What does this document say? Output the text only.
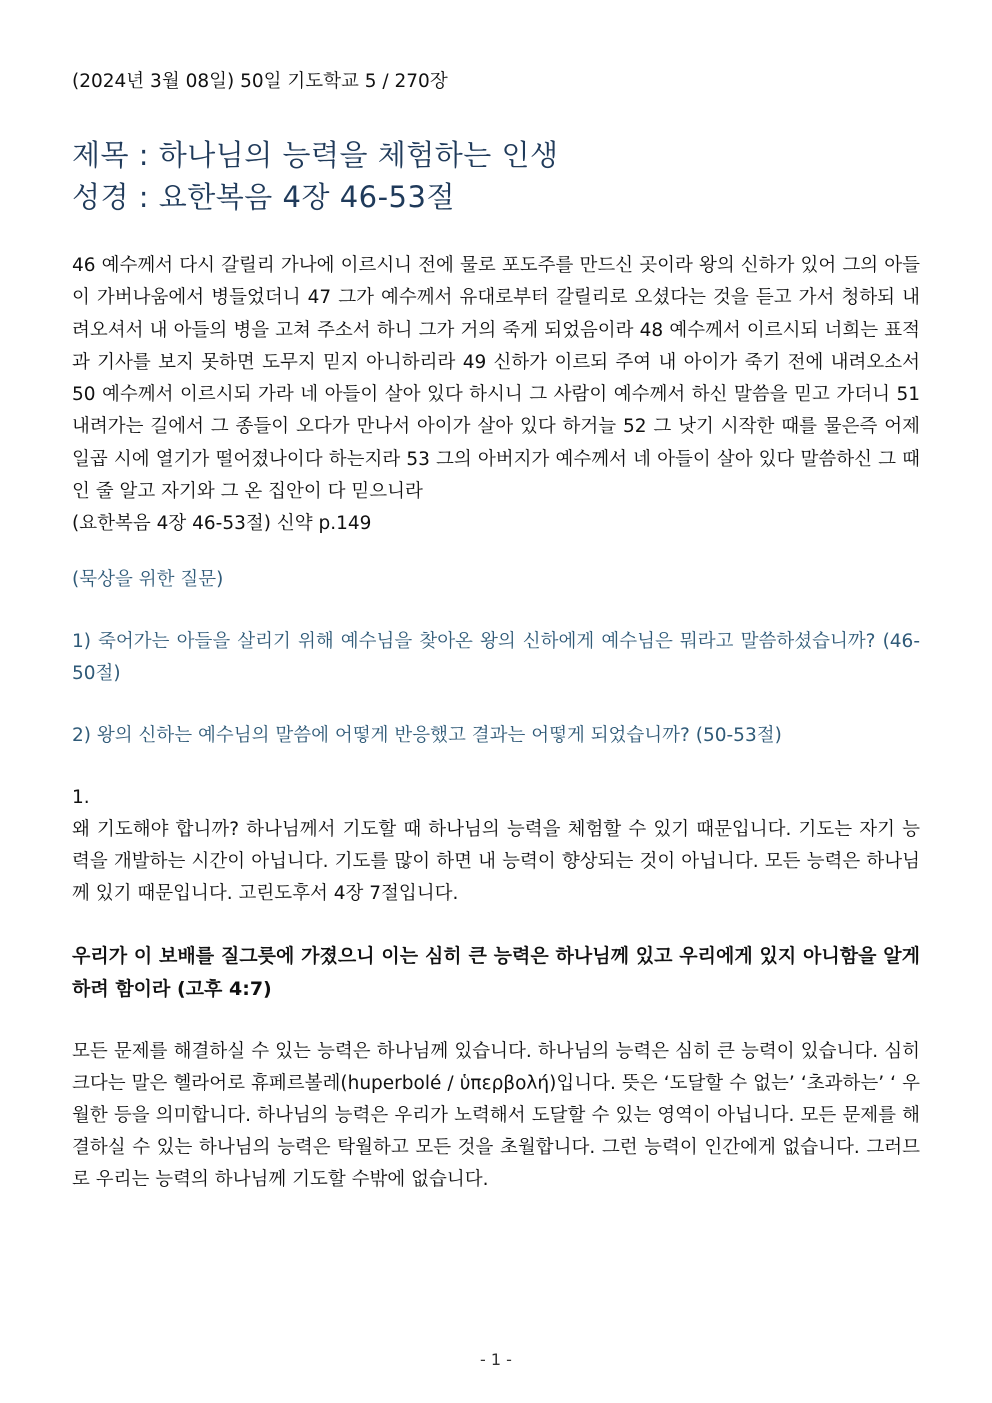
(2024년 3월 08일) 50일 기도학교 5 / 270장

제목 : 하나님의 능력을 체험하는 인생

성경 : 요한복음 4장 46-53절

46 예수께서 다시 갈릴리 가나에 이르시니 전에 물로 포도주를 만드신 곳이라 왕의 신하가 있어 그의 아들이 가버나움에서 병들었더니 47 그가 예수께서 유대로부터 갈릴리로 오셨다는 것을 듣고 가서 청하되 내려오셔서 내 아들의 병을 고쳐 주소서 하니 그가 거의 죽게 되었음이라 48 예수께서 이르시되 너희는 표적과 기사를 보지 못하면 도무지 믿지 아니하리라 49 신하가 이르되 주여 내 아이가 죽기 전에 내려오소서 50 예수께서 이르시되 가라 네 아들이 살아 있다 하시니 그 사람이 예수께서 하신 말씀을 믿고 가더니 51 내려가는 길에서 그 종들이 오다가 만나서 아이가 살아 있다 하거늘 52 그 낫기 시작한 때를 물은즉 어제 일곱 시에 열기가 떨어졌나이다 하는지라 53 그의 아버지가 예수께서 네 아들이 살아 있다 말씀하신 그 때인 줄 알고 자기와 그 온 집안이 다 믿으니라

(요한복음 4장 46-53절) 신약 p.149

(묵상을 위한 질문)

1) 죽어가는 아들을 살리기 위해 예수님을 찾아온 왕의 신하에게 예수님은 뭐라고 말씀하셨습니까? (46-50절)

2) 왕의 신하는 예수님의 말씀에 어떻게 반응했고 결과는 어떻게 되었습니까? (50-53절)

1.

왜 기도해야 합니까? 하나님께서 기도할 때 하나님의 능력을 체험할 수 있기 때문입니다. 기도는 자기 능력을 개발하는 시간이 아닙니다. 기도를 많이 하면 내 능력이 향상되는 것이 아닙니다. 모든 능력은 하나님께 있기 때문입니다. 고린도후서 4장 7절입니다.

우리가 이 보배를 질그릇에 가졌으니 이는 심히 큰 능력은 하나님께 있고 우리에게 있지 아니함을 알게 하려 함이라 (고후 4:7)

모든 문제를 해결하실 수 있는 능력은 하나님께 있습니다. 하나님의 능력은 심히 큰 능력이 있습니다. 심히 크다는 말은 헬라어로 휴페르볼레(huperbolé / ὑπερβολή)입니다. 뜻은 ‘도달할 수 없는’ ‘초과하는’ ‘ 우월한 등을 의미합니다. 하나님의 능력은 우리가 노력해서 도달할 수 있는 영역이 아닙니다. 모든 문제를 해결하실 수 있는 하나님의 능력은 탁월하고 모든 것을 초월합니다. 그런 능력이 인간에게 없습니다. 그러므로 우리는 능력의 하나님께 기도할 수밖에 없습니다.

- 1 -
